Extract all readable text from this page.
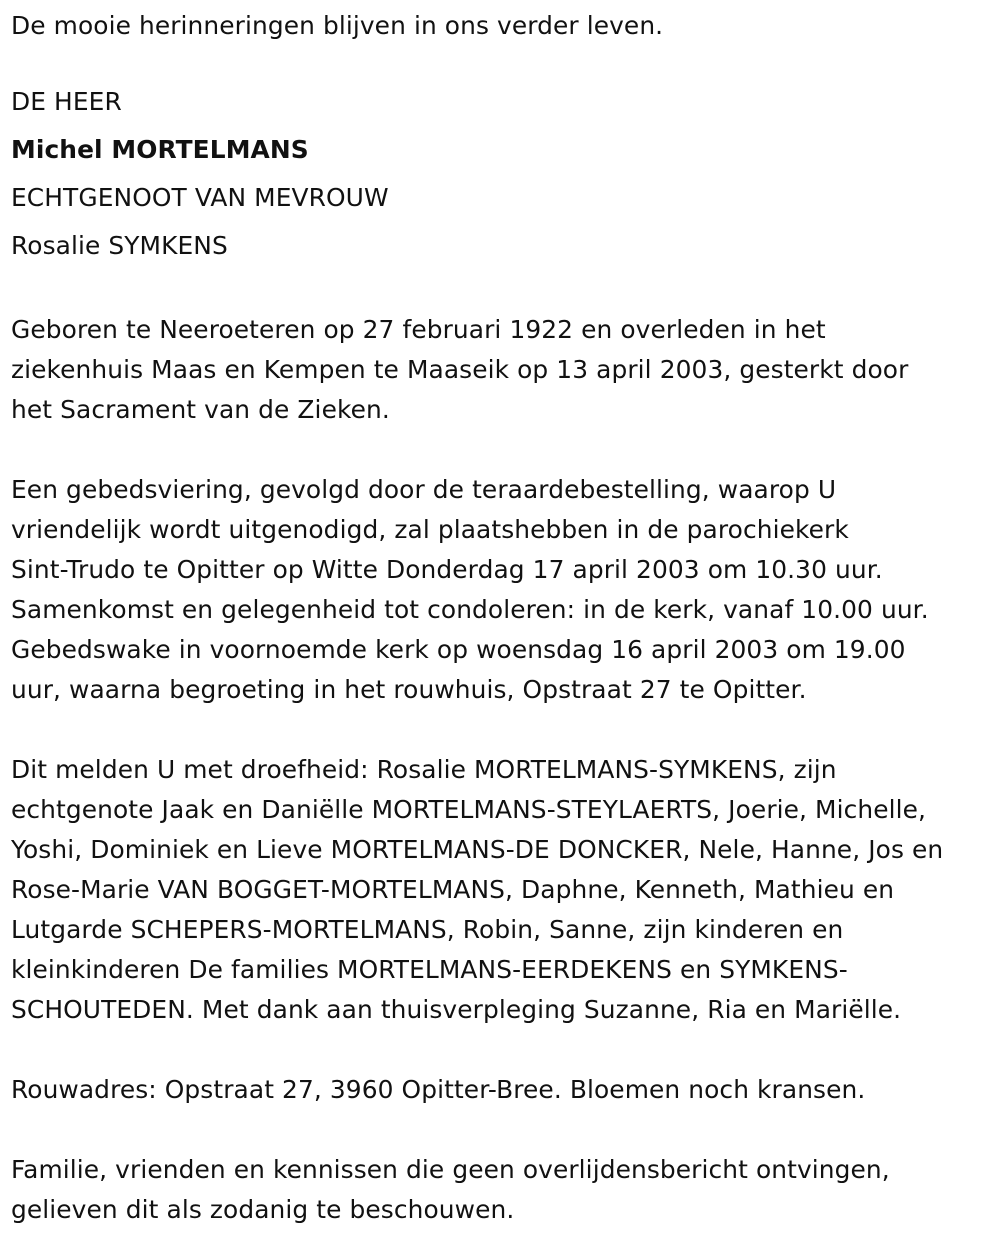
De mooie herinneringen blijven in ons verder leven.

DE HEER

Michel MORTELMANS

ECHTGENOOT VAN MEVROUW

Rosalie SYMKENS

Geboren te Neeroeteren op 27 februari 1922 en overleden in het

ziekenhuis Maas en Kempen te Maaseik op 13 april 2003, gesterkt door

het Sacrament van de Zieken.

Een gebedsviering, gevolgd door de teraardebestelling, waarop U

vriendelijk wordt uitgenodigd, zal plaatshebben in de parochiekerk

Sint-Trudo te Opitter op Witte Donderdag 17 april 2003 om 10.30 uur.

Samenkomst en gelegenheid tot condoleren: in de kerk, vanaf 10.00 uur.

Gebedswake in voornoemde kerk op woensdag 16 april 2003 om 19.00

uur, waarna begroeting in het rouwhuis, Opstraat 27 te Opitter.

Dit melden U met droefheid: Rosalie MORTELMANS-SYMKENS, zijn

echtgenote Jaak en Daniëlle MORTELMANS-STEYLAERTS, Joerie, Michelle,

Yoshi, Dominiek en Lieve MORTELMANS-DE DONCKER, Nele, Hanne, Jos en

Rose-Marie VAN BOGGET-MORTELMANS, Daphne, Kenneth, Mathieu en

Lutgarde SCHEPERS-MORTELMANS, Robin, Sanne, zijn kinderen en

kleinkinderen De families MORTELMANS-EERDEKENS en SYMKENS-

SCHOUTEDEN. Met dank aan thuisverpleging Suzanne, Ria en Mariëlle.

Rouwadres: Opstraat 27, 3960 Opitter-Bree. Bloemen noch kransen.

Familie, vrienden en kennissen die geen overlijdensbericht ontvingen,

gelieven dit als zodanig te beschouwen.
